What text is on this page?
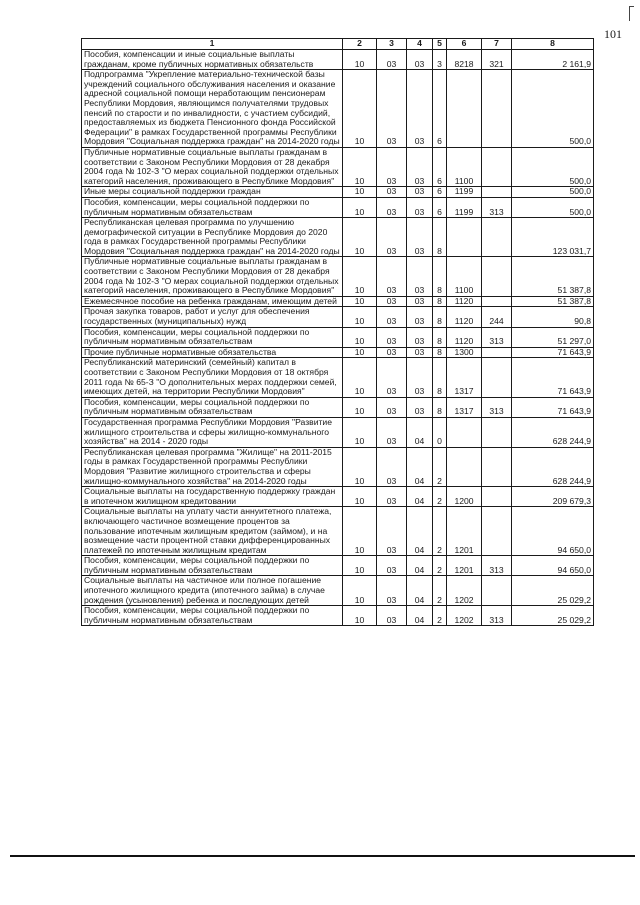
101
1	2	3	4	5	6	7	8
Пособия, компенсации и иные социальные выплаты гражданам, кроме публичных нормативных обязательств	10	03	03	3	8218	321	2 161,9
Подпрограмма "Укрепление материально-технической базы учреждений социального обслуживания населения и оказание адресной социальной помощи неработающим пенсионерам Республики Мордовия, являющимся получателями трудовых пенсий по старости и по инвалидности, с участием субсидий, предоставляемых из бюджета Пенсионного фонда Российской Федерации" в рамках Государственной программы Республики Мордовия "Социальная поддержка граждан" на 2014-2020 годы	10	03	03	6			500,0
Публичные нормативные социальные выплаты гражданам в соответствии с Законом Республики Мордовия от 28 декабря 2004 года № 102-З "О мерах социальной поддержки отдельных категорий населения, проживающего в Республике Мордовия"	10	03	03	6	1100		500,0
Иные меры социальной поддержки граждан	10	03	03	6	1199		500,0
Пособия, компенсации, меры социальной поддержки по публичным нормативным обязательствам	10	03	03	6	1199	313	500,0
Республиканская целевая программа по улучшению демографической ситуации в Республике Мордовия до 2020 года в рамках Государственной программы Республики Мордовия "Социальная поддержка граждан" на 2014-2020 годы	10	03	03	8			123 031,7
Публичные нормативные социальные выплаты гражданам в соответствии с Законом Республики Мордовия от 28 декабря 2004 года № 102-З "О мерах социальной поддержки отдельных категорий населения, проживающего в Республике Мордовия"	10	03	03	8	1100		51 387,8
Ежемесячное пособие на ребенка гражданам, имеющим детей	10	03	03	8	1120		51 387,8
Прочая закупка товаров, работ и услуг для обеспечения государственных (муниципальных) нужд	10	03	03	8	1120	244	90,8
Пособия, компенсации, меры социальной поддержки по публичным нормативным обязательствам	10	03	03	8	1120	313	51 297,0
Прочие публичные нормативные обязательства	10	03	03	8	1300		71 643,9
Республиканский материнский (семейный) капитал в соответствии с Законом Республики Мордовия от 18 октября 2011 года № 65-З "О дополнительных мерах поддержки семей, имеющих детей, на территории Республики Мордовия"	10	03	03	8	1317		71 643,9
Пособия, компенсации, меры социальной поддержки по публичным нормативным обязательствам	10	03	03	8	1317	313	71 643,9
Государственная программа Республики Мордовия "Развитие жилищного строительства и сферы жилищно-коммунального хозяйства" на 2014 - 2020 годы	10	03	04	0			628 244,9
Республиканская целевая программа "Жилище" на 2011-2015 годы в рамках Государственной программы Республики Мордовия "Развитие жилищного строительства и сферы жилищно-коммунального хозяйства" на 2014-2020 годы	10	03	04	2			628 244,9
Социальные выплаты на государственную поддержку граждан в ипотечном жилищном кредитовании	10	03	04	2	1200		209 679,3
Социальные выплаты на уплату части аннуитетного платежа, включающего частичное возмещение процентов за пользование ипотечным жилищным кредитом (займом), и на возмещение части процентной ставки дифференцированных платежей по ипотечным жилищным кредитам	10	03	04	2	1201		94 650,0
Пособия, компенсации, меры социальной поддержки по публичным нормативным обязательствам	10	03	04	2	1201	313	94 650,0
Социальные выплаты на частичное или полное погашение ипотечного жилищного кредита (ипотечного займа) в случае рождения (усыновления) ребенка и последующих детей	10	03	04	2	1202		25 029,2
Пособия, компенсации, меры социальной поддержки по публичным нормативным обязательствам	10	03	04	2	1202	313	25 029,2
